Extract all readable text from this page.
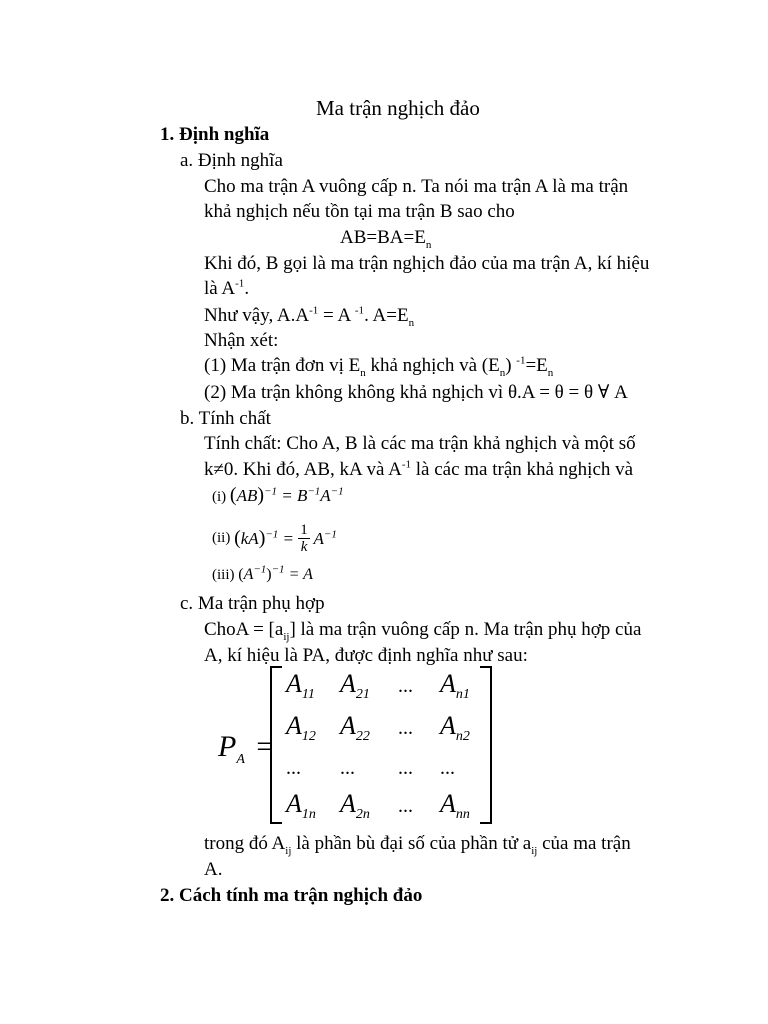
Ma trận nghịch đảo
1. Định nghĩa
a. Định nghĩa
Cho ma trận A vuông cấp n. Ta nói ma trận A là ma trận
khả nghịch nếu tồn tại ma trận B sao cho
$AB=BA=E_n$
Khi đó, B gọi là ma trận nghịch đảo của ma trận A, kí hiệu
là $A^{-1}$.
Như vậy, $A.A^{-1} = A$ $^{-1}$. $A=E_n$
Nhận xét:
(1) Ma trận đơn vị $E_n$ khả nghịch và $(E_n)$ $^{-1}=E_n$
(2) Ma trận không không khả nghịch vì θ.A = θ = θ ∀ A
b. Tính chất
Tính chất: Cho A, B là các ma trận khả nghịch và một số
k≠0. Khi đó, AB, kA và $A^{-1}$ là các ma trận khả nghịch và
(i) $(AB)^{-1} = B^{-1}A^{-1}$
(ii) $(kA)^{-1} = \frac{1}{k} A^{-1}$
(iii) $(A^{-1})^{-1} = A$
c. Ma trận phụ hợp
ChoA = $[a_{ij}]$ là ma trận vuông cấp n. Ma trận phụ hợp của
A, kí hiệu là PA, được định nghĩa như sau:
$P_A$ =
$A_{11}$ $A_{21}$ ... $A_{n1}$
$A_{12}$ $A_{22}$ ... $A_{n2}$
... ... ... ...
$A_{1n}$ $A_{2n}$ ... $A_{nn}$
trong đó $A_{ij}$ là phần bù đại số của phần tử $a_{ij}$ của ma trận
A.
2. Cách tính ma trận nghịch đảo
